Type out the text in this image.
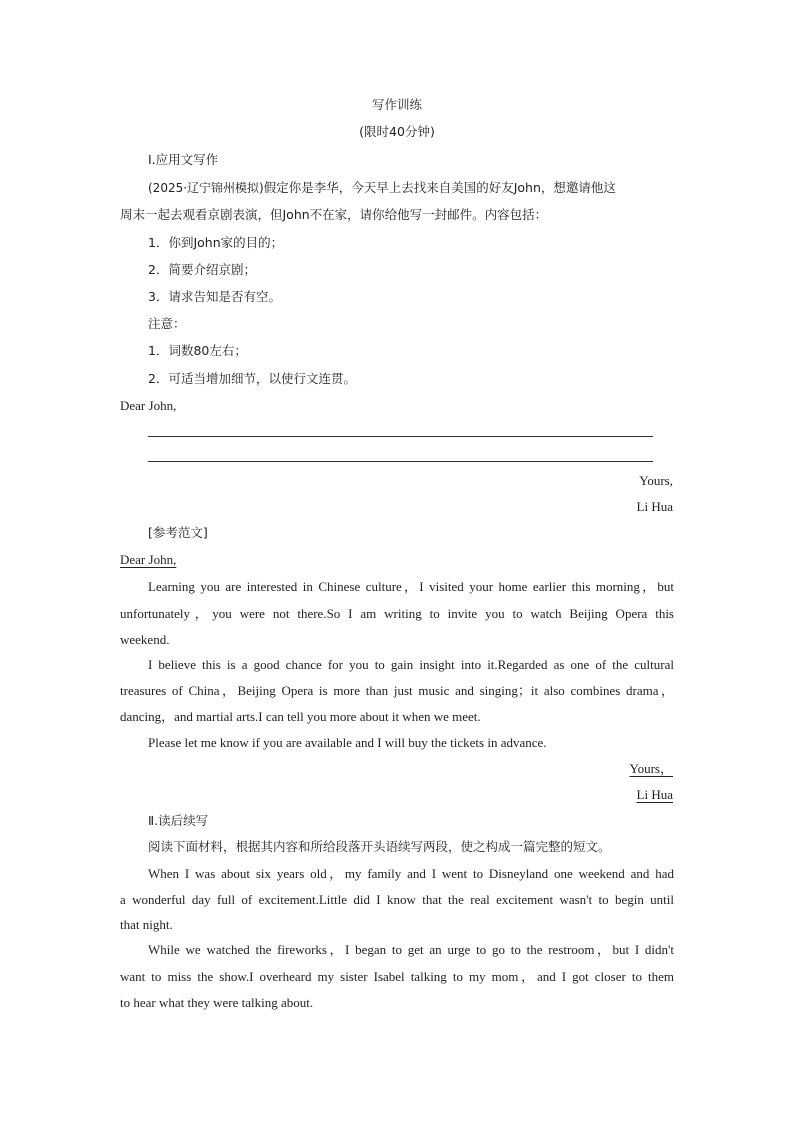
写作训练
(限时40分钟)
Ⅰ.应用文写作
(2025·辽宁锦州模拟)假定你是李华，今天早上去找来自美国的好友John，想邀请他这
周末一起去观看京剧表演，但John不在家，请你给他写一封邮件。内容包括：
1．你到John家的目的；
2．简要介绍京剧；
3．请求告知是否有空。
注意：
1．词数80左右；
2．可适当增加细节，以使行文连贯。
Dear John,
Yours,
Li Hua
[参考范文]
Dear John,
Learning you are interested in Chinese culture，I visited your home earlier this morning，but
unfortunately，you were not there.So I am writing to invite you to watch Beijing Opera this
weekend.
I believe this is a good chance for you to gain insight into it.Regarded as one of the cultural
treasures of China，Beijing Opera is more than just music and singing；it also combines drama，
dancing，and martial arts.I can tell you more about it when we meet.
Please let me know if you are available and I will buy the tickets in advance.
Yours，
Li Hua
Ⅱ.读后续写
阅读下面材料，根据其内容和所给段落开头语续写两段，使之构成一篇完整的短文。
When I was about six years old，my family and I went to Disneyland one weekend and had
a wonderful day full of excitement.Little did I know that the real excitement wasn't to begin until
that night.
While we watched the fireworks，I began to get an urge to go to the restroom，but I didn't
want to miss the show.I overheard my sister Isabel talking to my mom，and I got closer to them
to hear what they were talking about.
